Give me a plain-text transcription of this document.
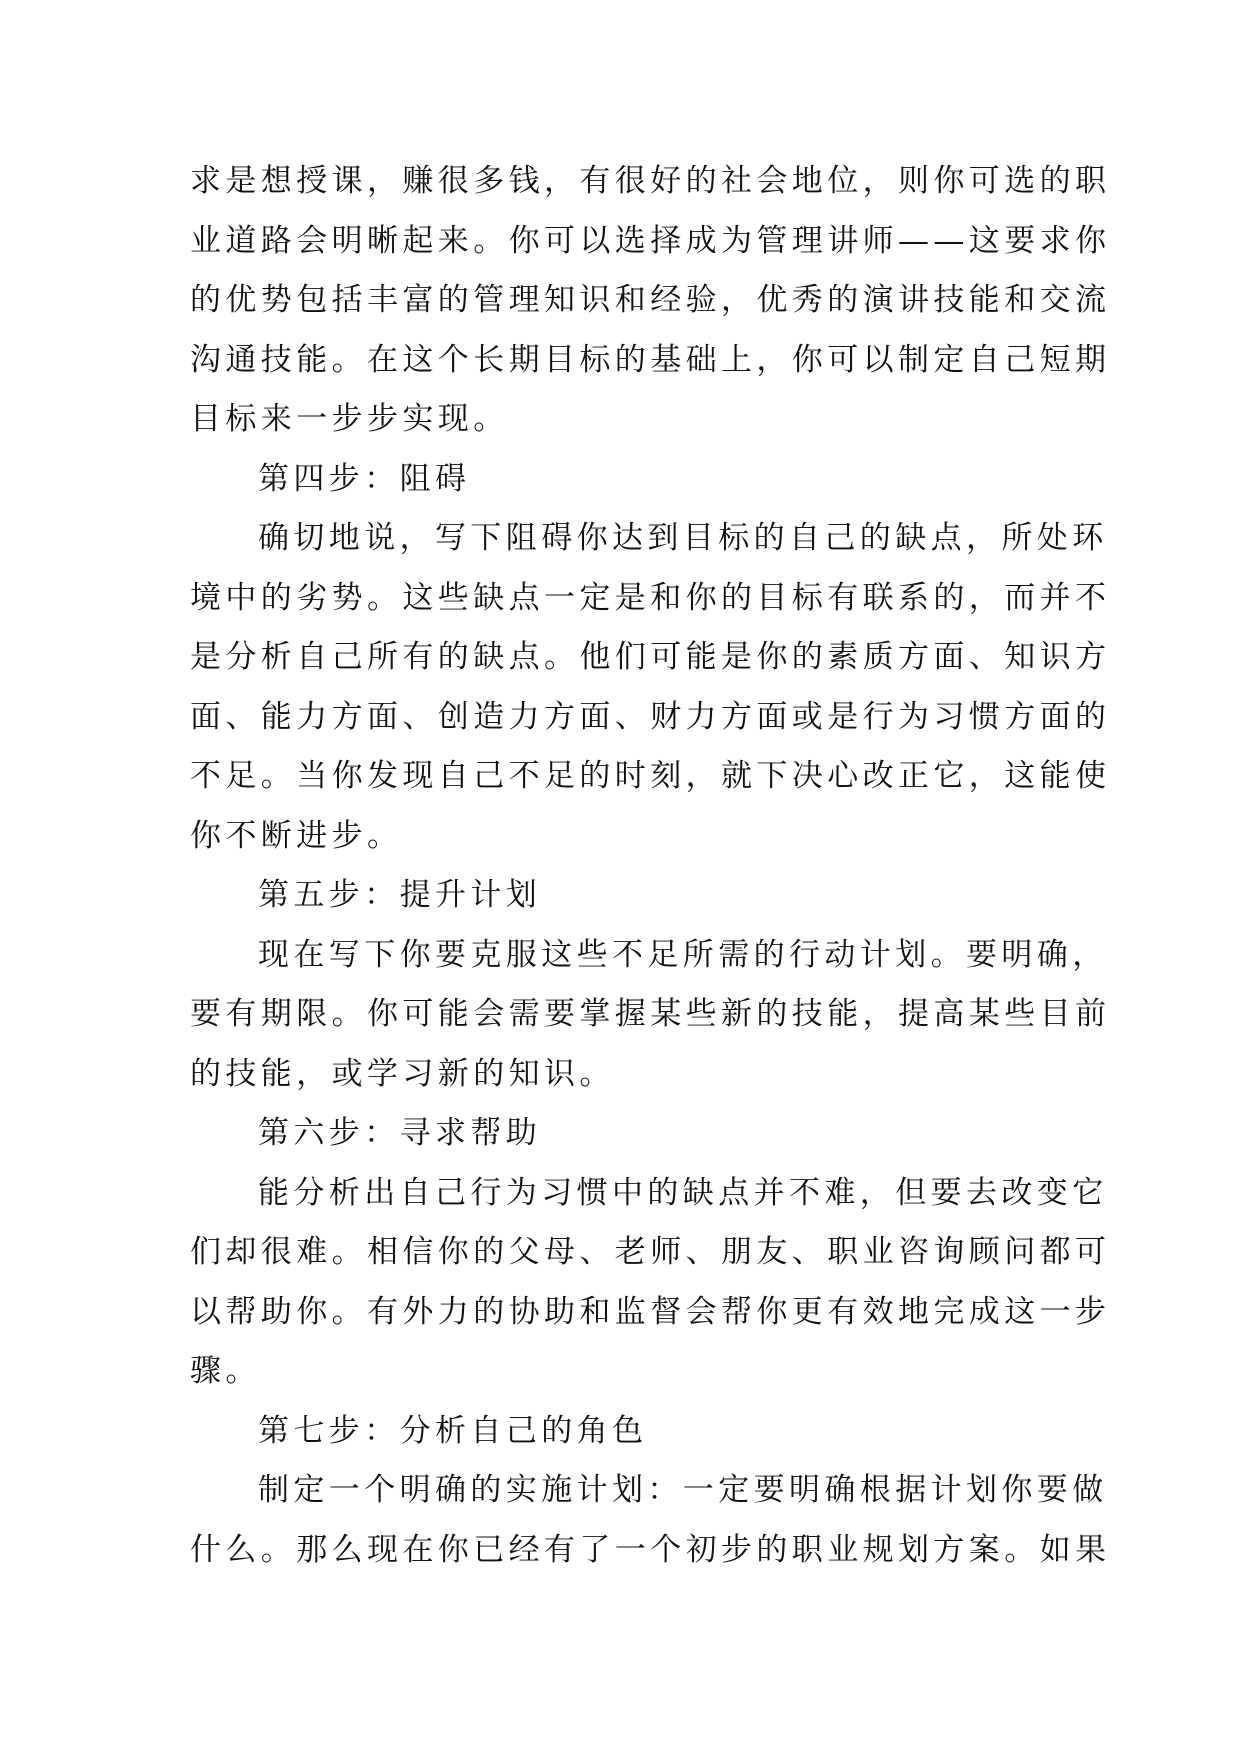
求是想授课，赚很多钱，有很好的社会地位，则你可选的职
业道路会明晰起来。你可以选择成为管理讲师——这要求你
的优势包括丰富的管理知识和经验，优秀的演讲技能和交流
沟通技能。在这个长期目标的基础上，你可以制定自己短期
目标来一步步实现。
第四步：阻碍
确切地说，写下阻碍你达到目标的自己的缺点，所处环
境中的劣势。这些缺点一定是和你的目标有联系的，而并不
是分析自己所有的缺点。他们可能是你的素质方面、知识方
面、能力方面、创造力方面、财力方面或是行为习惯方面的
不足。当你发现自己不足的时刻，就下决心改正它，这能使
你不断进步。
第五步：提升计划
现在写下你要克服这些不足所需的行动计划。要明确，
要有期限。你可能会需要掌握某些新的技能，提高某些目前
的技能，或学习新的知识。
第六步：寻求帮助
能分析出自己行为习惯中的缺点并不难，但要去改变它
们却很难。相信你的父母、老师、朋友、职业咨询顾问都可
以帮助你。有外力的协助和监督会帮你更有效地完成这一步
骤。
第七步：分析自己的角色
制定一个明确的实施计划：一定要明确根据计划你要做
什么。那么现在你已经有了一个初步的职业规划方案。如果
